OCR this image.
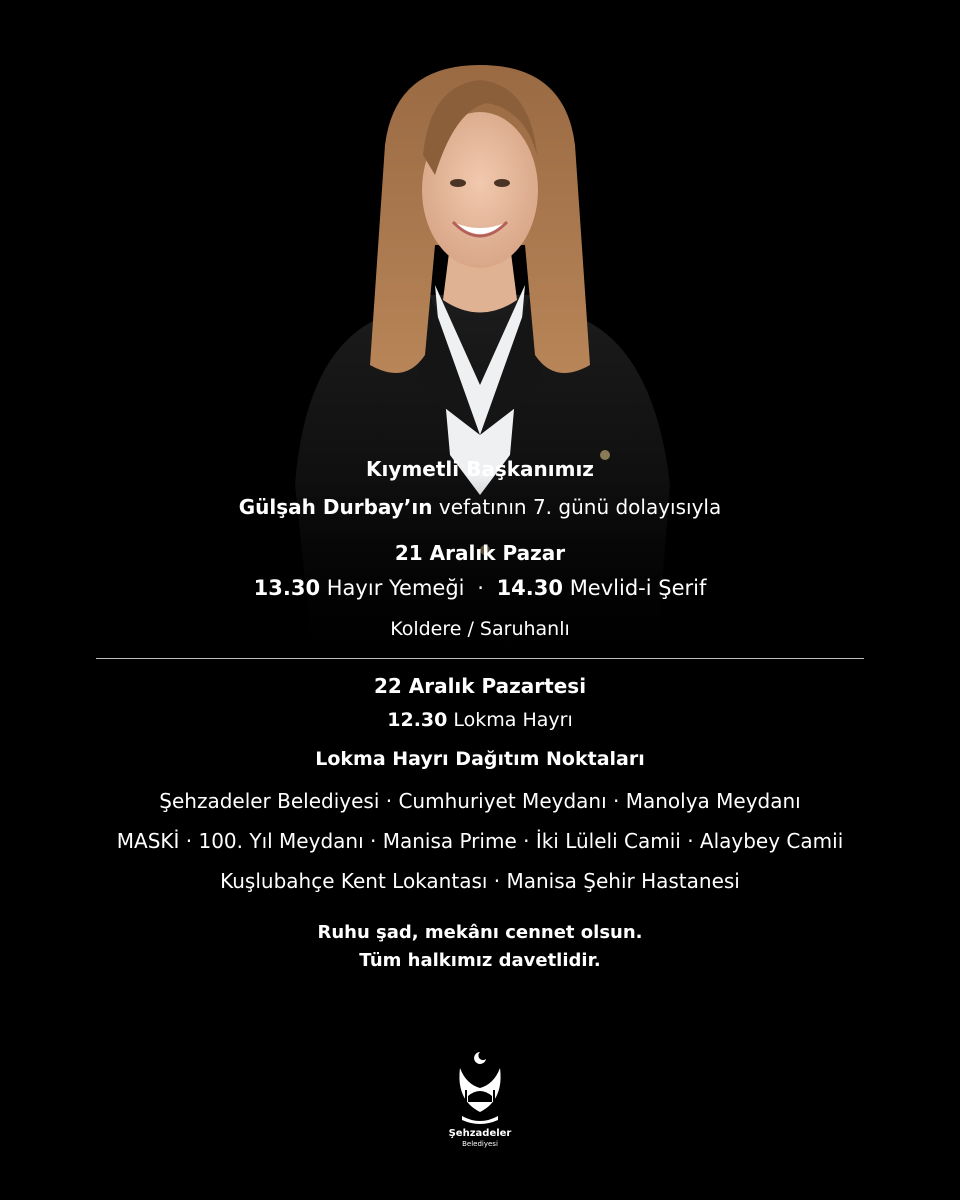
Kıymetli Başkanımız

Gülşah Durbay’ın vefatının 7. günü dolayısıyla

21 Aralık Pazar

13.30 Hayır Yemeği · 14.30 Mevlid-i Şerif

Koldere / Saruhanlı

22 Aralık Pazartesi

12.30 Lokma Hayrı

Lokma Hayrı Dağıtım Noktaları

Şehzadeler Belediyesi · Cumhuriyet Meydanı · Manolya Meydanı

MASKİ · 100. Yıl Meydanı · Manisa Prime · İki Lüleli Camii · Alaybey Camii

Kuşlubahçe Kent Lokantası · Manisa Şehir Hastanesi

Ruhu şad, mekânı cennet olsun.

Tüm halkımız davetlidir.

Şehzadeler
Belediyesi
